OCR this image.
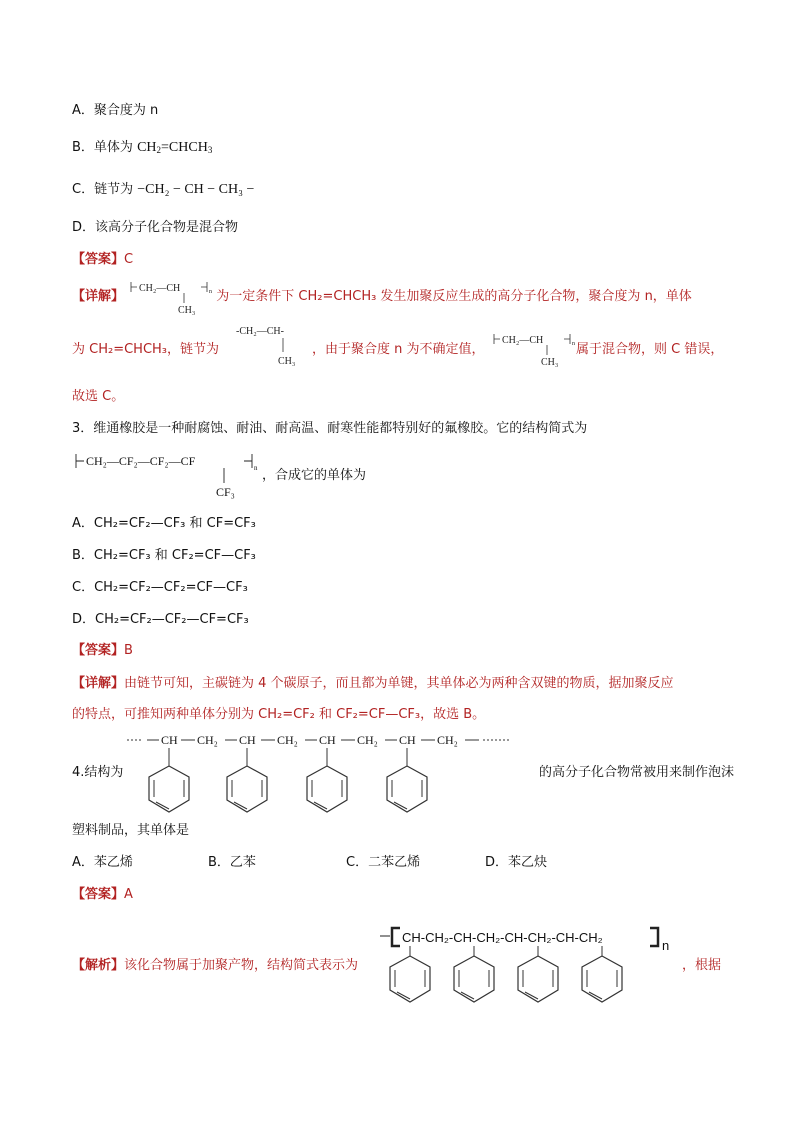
A．聚合度为 n
B．单体为 $CH_2=CHCH_3$
C．链节为 −CH₂ − CH − CH₃ −
D．该高分子化合物是混合物
【答案】C
【详解】	为一定条件下 CH₂=CHCH₃ 发生加聚反应生成的高分子化合物，聚合度为 n，单体
CH₂—CH
CH₃
n
为 CH₂=CHCH₃，链节为
-CH₂—CH-
CH₃
，由于聚合度 n 为不确定值，
CH₂—CH
CH₃
n 属于混合物，则 C 错误，
故选 C。
3．维通橡胶是一种耐腐蚀、耐油、耐高温、耐寒性能都特别好的氟橡胶。它的结构简式为
CH₂—CF₂—CF₂—CF	n
CF₃
，合成它的单体为
A．CH₂=CF₂—CF₃ 和 CF=CF₃
B．CH₂=CF₃ 和 CF₂=CF—CF₃
C．CH₂=CF₂—CF₂=CF—CF₃
D．CH₂=CF₂—CF₂—CF=CF₃
【答案】B
【详解】由链节可知，主碳链为 4 个碳原子，而且都为单键，其单体必为两种含双键的物质，据加聚反应
的特点，可推知两种单体分别为 CH₂=CF₂ 和 CF₂=CF—CF₃，故选 B。
CH CH₂ CH CH₂ CH CH₂ CH CH₂
4.结构为	的高分子化合物常被用来制作泡沫
塑料制品，其单体是
A．苯乙烯	B．乙苯	C．二苯乙烯	D．苯乙炔
【答案】A
【解析】该化合物属于加聚产物，结构简式表示为
CH-CH₂-CH-CH₂-CH-CH₂-CH-CH₂
n
，根据
